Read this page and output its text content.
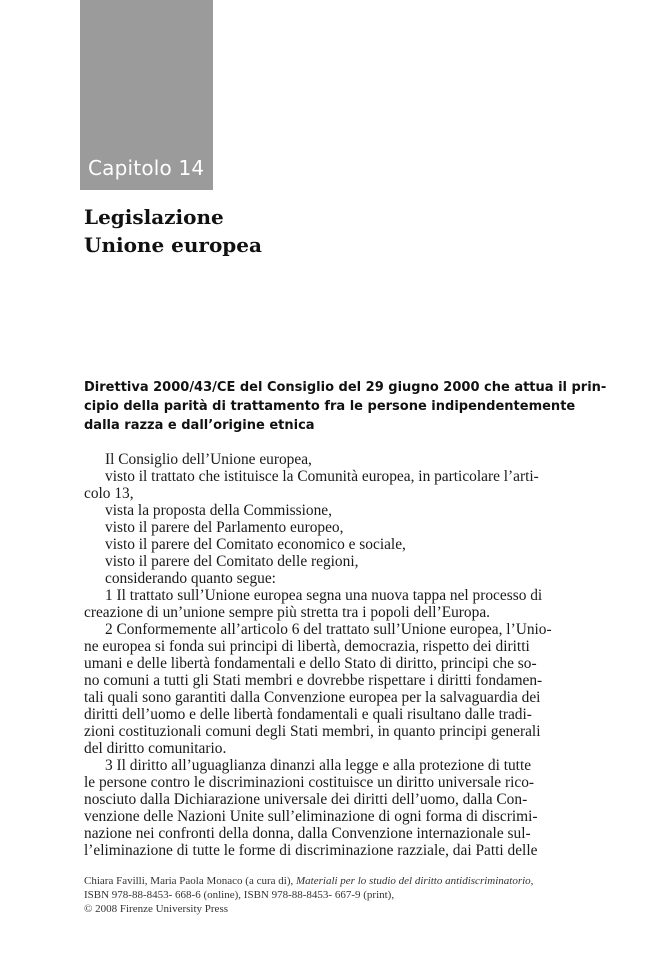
Capitolo 14
Legislazione
Unione europea
Direttiva 2000/43/CE del Consiglio del 29 giugno 2000 che attua il prin-
cipio della parità di trattamento fra le persone indipendentemente
dalla razza e dall’origine etnica
Il Consiglio dell’Unione europea,
visto il trattato che istituisce la Comunità europea, in particolare l’arti-
colo 13,
vista la proposta della Commissione,
visto il parere del Parlamento europeo,
visto il parere del Comitato economico e sociale,
visto il parere del Comitato delle regioni,
considerando quanto segue:
1 Il trattato sull’Unione europea segna una nuova tappa nel processo di
creazione di un’unione sempre più stretta tra i popoli dell’Europa.
2 Conformemente all’articolo 6 del trattato sull’Unione europea, l’Unio-
ne europea si fonda sui principi di libertà, democrazia, rispetto dei diritti
umani e delle libertà fondamentali e dello Stato di diritto, principi che so-
no comuni a tutti gli Stati membri e dovrebbe rispettare i diritti fondamen-
tali quali sono garantiti dalla Convenzione europea per la salvaguardia dei
diritti dell’uomo e delle libertà fondamentali e quali risultano dalle tradi-
zioni costituzionali comuni degli Stati membri, in quanto principi generali
del diritto comunitario.
3 Il diritto all’uguaglianza dinanzi alla legge e alla protezione di tutte
le persone contro le discriminazioni costituisce un diritto universale rico-
nosciuto dalla Dichiarazione universale dei diritti dell’uomo, dalla Con-
venzione delle Nazioni Unite sull’eliminazione di ogni forma di discrimi-
nazione nei confronti della donna, dalla Convenzione internazionale sul-
l’eliminazione di tutte le forme di discriminazione razziale, dai Patti delle
Chiara Favilli, Maria Paola Monaco (a cura di), Materiali per lo studio del diritto antidiscriminatorio,
ISBN 978-88-8453- 668-6 (online), ISBN 978-88-8453- 667-9 (print),
© 2008 Firenze University Press
